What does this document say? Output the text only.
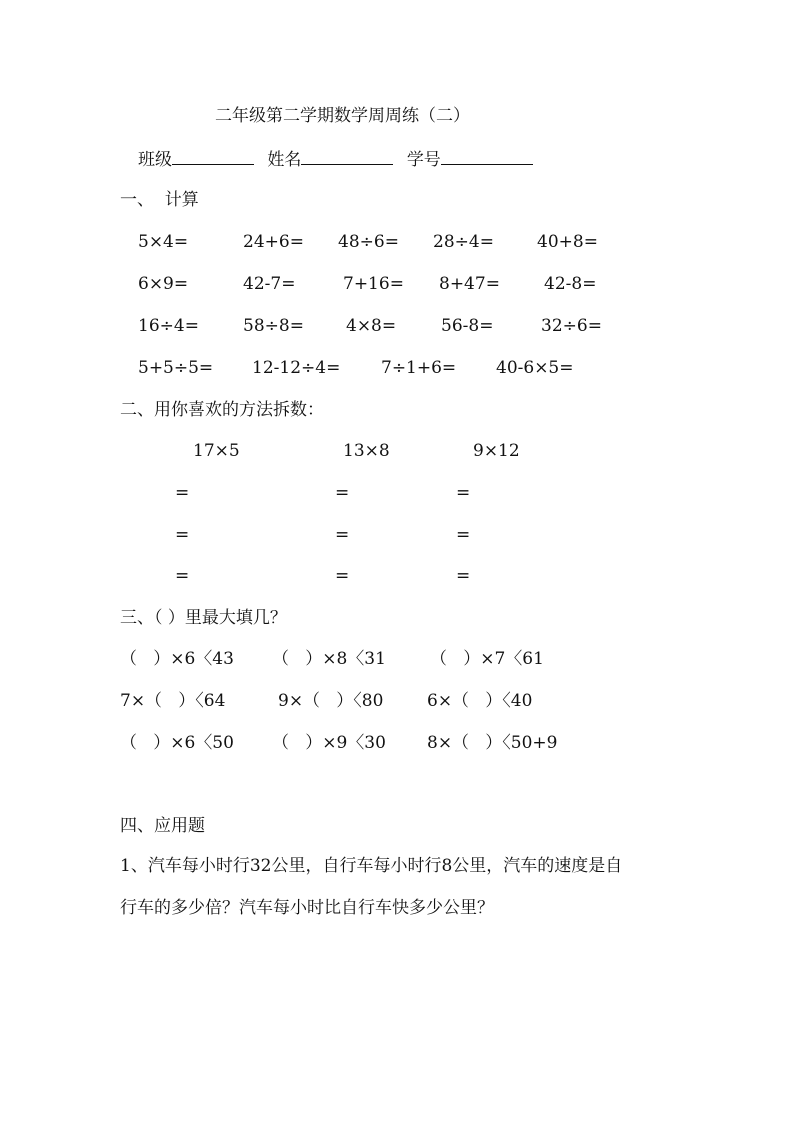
二年级第二学期数学周周练（二）
班级	姓名	学号
一、  计算
5×4=	24+6= 48÷6= 28÷4=	40+8=
6×9=	42-7=	7+16= 8+47=	42-8=
16÷4=	58÷8= 4×8=	56-8=	32÷6=
5+5÷5= 12-12÷4= 7÷1+6= 40-6×5=
二、用你喜欢的方法拆数：
17×5	13×8	9×12
=	=	=
=	=	=
=	=	=
三、（ ）里最大填几？
（   ）×6〈43 （   ）×8〈31	（   ）×7〈61
7×（   ）〈64	9×（   ）〈80	6×（   ）〈40
（   ）×6〈50 （   ）×9〈30 8×（   ）〈50+9
四、应用题
1、汽车每小时行32公里，自行车每小时行8公里，汽车的速度是自
行车的多少倍？汽车每小时比自行车快多少公里？
